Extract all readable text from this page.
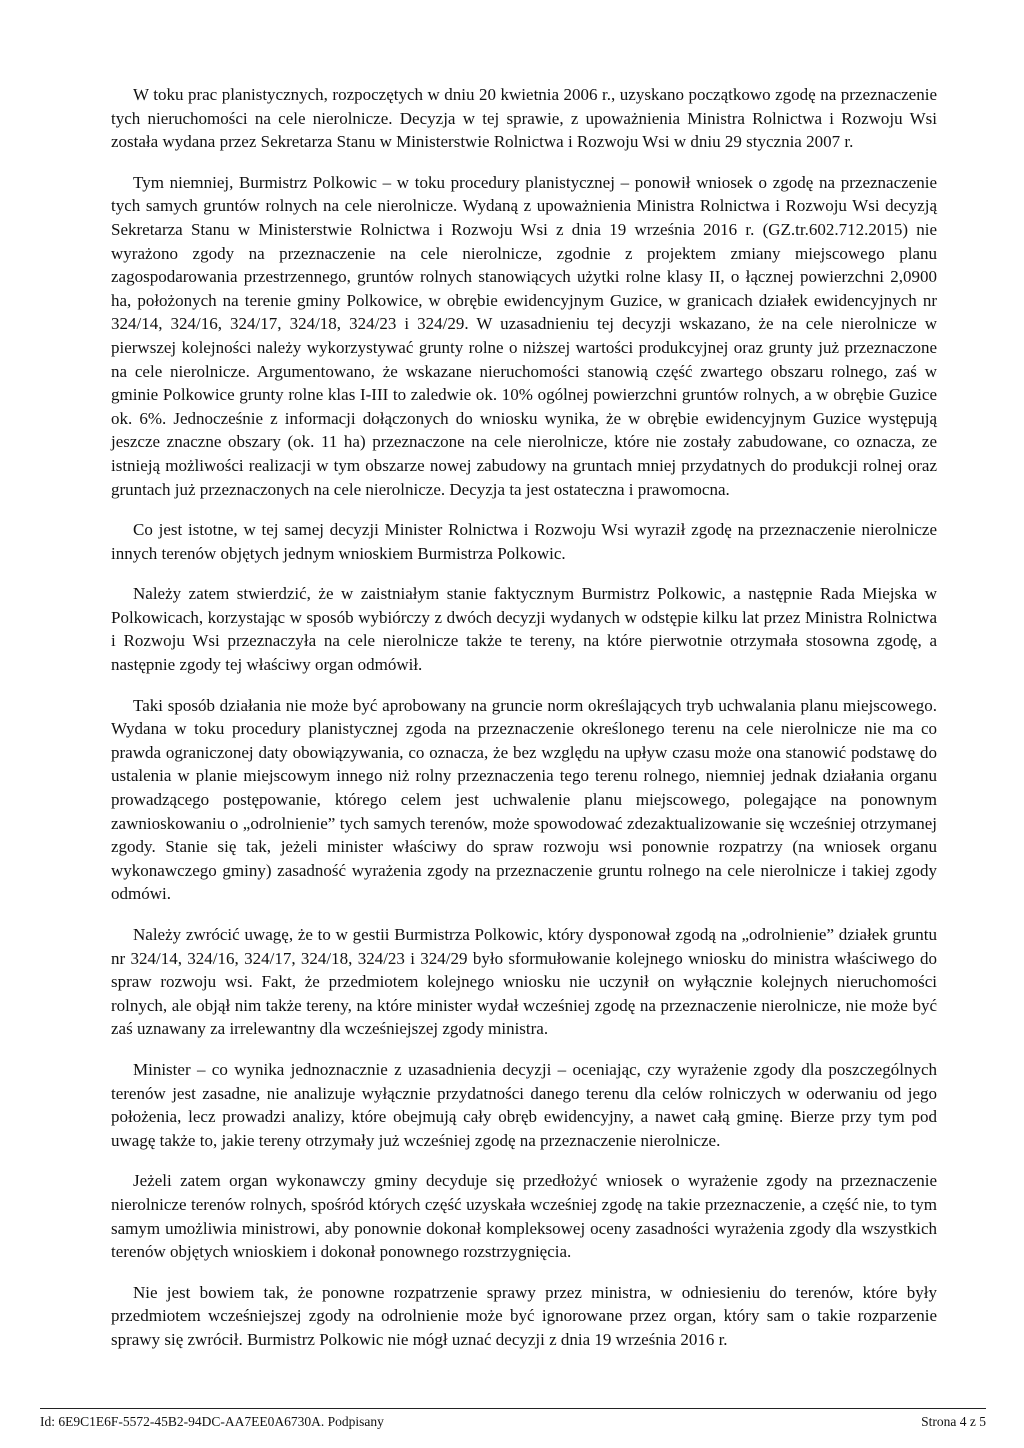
W toku prac planistycznych, rozpoczętych w dniu 20 kwietnia 2006 r., uzyskano początkowo zgodę na przeznaczenie tych nieruchomości na cele nierolnicze. Decyzja w tej sprawie, z upoważnienia Ministra Rolnictwa i Rozwoju Wsi została wydana przez Sekretarza Stanu w Ministerstwie Rolnictwa i Rozwoju Wsi w dniu 29 stycznia 2007 r.

Tym niemniej, Burmistrz Polkowic – w toku procedury planistycznej – ponowił wniosek o zgodę na przeznaczenie tych samych gruntów rolnych na cele nierolnicze. Wydaną z upoważnienia Ministra Rolnictwa i Rozwoju Wsi decyzją Sekretarza Stanu w Ministerstwie Rolnictwa i Rozwoju Wsi z dnia 19 września 2016 r. (GZ.tr.602.712.2015) nie wyrażono zgody na przeznaczenie na cele nierolnicze, zgodnie z projektem zmiany miejscowego planu zagospodarowania przestrzennego, gruntów rolnych stanowiących użytki rolne klasy II, o łącznej powierzchni 2,0900 ha, położonych na terenie gminy Polkowice, w obrębie ewidencyjnym Guzice, w granicach działek ewidencyjnych nr 324/14, 324/16, 324/17, 324/18, 324/23 i 324/29. W uzasadnieniu tej decyzji wskazano, że na cele nierolnicze w pierwszej kolejności należy wykorzystywać grunty rolne o niższej wartości produkcyjnej oraz grunty już przeznaczone na cele nierolnicze. Argumentowano, że wskazane nieruchomości stanowią część zwartego obszaru rolnego, zaś w gminie Polkowice grunty rolne klas I-III to zaledwie ok. 10% ogólnej powierzchni gruntów rolnych, a w obrębie Guzice ok. 6%. Jednocześnie z informacji dołączonych do wniosku wynika, że w obrębie ewidencyjnym Guzice występują jeszcze znaczne obszary (ok. 11 ha) przeznaczone na cele nierolnicze, które nie zostały zabudowane, co oznacza, ze istnieją możliwości realizacji w tym obszarze nowej zabudowy na gruntach mniej przydatnych do produkcji rolnej oraz gruntach już przeznaczonych na cele nierolnicze. Decyzja ta jest ostateczna i prawomocna.

Co jest istotne, w tej samej decyzji Minister Rolnictwa i Rozwoju Wsi wyraził zgodę na przeznaczenie nierolnicze innych terenów objętych jednym wnioskiem Burmistrza Polkowic.

Należy zatem stwierdzić, że w zaistniałym stanie faktycznym Burmistrz Polkowic, a następnie Rada Miejska w Polkowicach, korzystając w sposób wybiórczy z dwóch decyzji wydanych w odstępie kilku lat przez Ministra Rolnictwa i Rozwoju Wsi przeznaczyła na cele nierolnicze także te tereny, na które pierwotnie otrzymała stosowna zgodę, a następnie zgody tej właściwy organ odmówił.

Taki sposób działania nie może być aprobowany na gruncie norm określających tryb uchwalania planu miejscowego. Wydana w toku procedury planistycznej zgoda na przeznaczenie określonego terenu na cele nierolnicze nie ma co prawda ograniczonej daty obowiązywania, co oznacza, że bez względu na upływ czasu może ona stanowić podstawę do ustalenia w planie miejscowym innego niż rolny przeznaczenia tego terenu rolnego, niemniej jednak działania organu prowadzącego postępowanie, którego celem jest uchwalenie planu miejscowego, polegające na ponownym zawnioskowaniu o „odrolnienie” tych samych terenów, może spowodować zdezaktualizowanie się wcześniej otrzymanej zgody. Stanie się tak, jeżeli minister właściwy do spraw rozwoju wsi ponownie rozpatrzy (na wniosek organu wykonawczego gminy) zasadność wyrażenia zgody na przeznaczenie gruntu rolnego na cele nierolnicze i takiej zgody odmówi.

Należy zwrócić uwagę, że to w gestii Burmistrza Polkowic, który dysponował zgodą na „odrolnienie” działek gruntu nr 324/14, 324/16, 324/17, 324/18, 324/23 i 324/29 było sformułowanie kolejnego wniosku do ministra właściwego do spraw rozwoju wsi. Fakt, że przedmiotem kolejnego wniosku nie uczynił on wyłącznie kolejnych nieruchomości rolnych, ale objął nim także tereny, na które minister wydał wcześniej zgodę na przeznaczenie nierolnicze, nie może być zaś uznawany za irrelewantny dla wcześniejszej zgody ministra.

Minister – co wynika jednoznacznie z uzasadnienia decyzji – oceniając, czy wyrażenie zgody dla poszczególnych terenów jest zasadne, nie analizuje wyłącznie przydatności danego terenu dla celów rolniczych w oderwaniu od jego położenia, lecz prowadzi analizy, które obejmują cały obręb ewidencyjny, a nawet całą gminę. Bierze przy tym pod uwagę także to, jakie tereny otrzymały już wcześniej zgodę na przeznaczenie nierolnicze.

Jeżeli zatem organ wykonawczy gminy decyduje się przedłożyć wniosek o wyrażenie zgody na przeznaczenie nierolnicze terenów rolnych, spośród których część uzyskała wcześniej zgodę na takie przeznaczenie, a część nie, to tym samym umożliwia ministrowi, aby ponownie dokonał kompleksowej oceny zasadności wyrażenia zgody dla wszystkich terenów objętych wnioskiem i dokonał ponownego rozstrzygnięcia.

Nie jest bowiem tak, że ponowne rozpatrzenie sprawy przez ministra, w odniesieniu do terenów, które były przedmiotem wcześniejszej zgody na odrolnienie może być ignorowane przez organ, który sam o takie rozparzenie sprawy się zwrócił. Burmistrz Polkowic nie mógł uznać decyzji z dnia 19 września 2016 r.

Id: 6E9C1E6F-5572-45B2-94DC-AA7EE0A6730A. Podpisany	Strona 4 z 5
